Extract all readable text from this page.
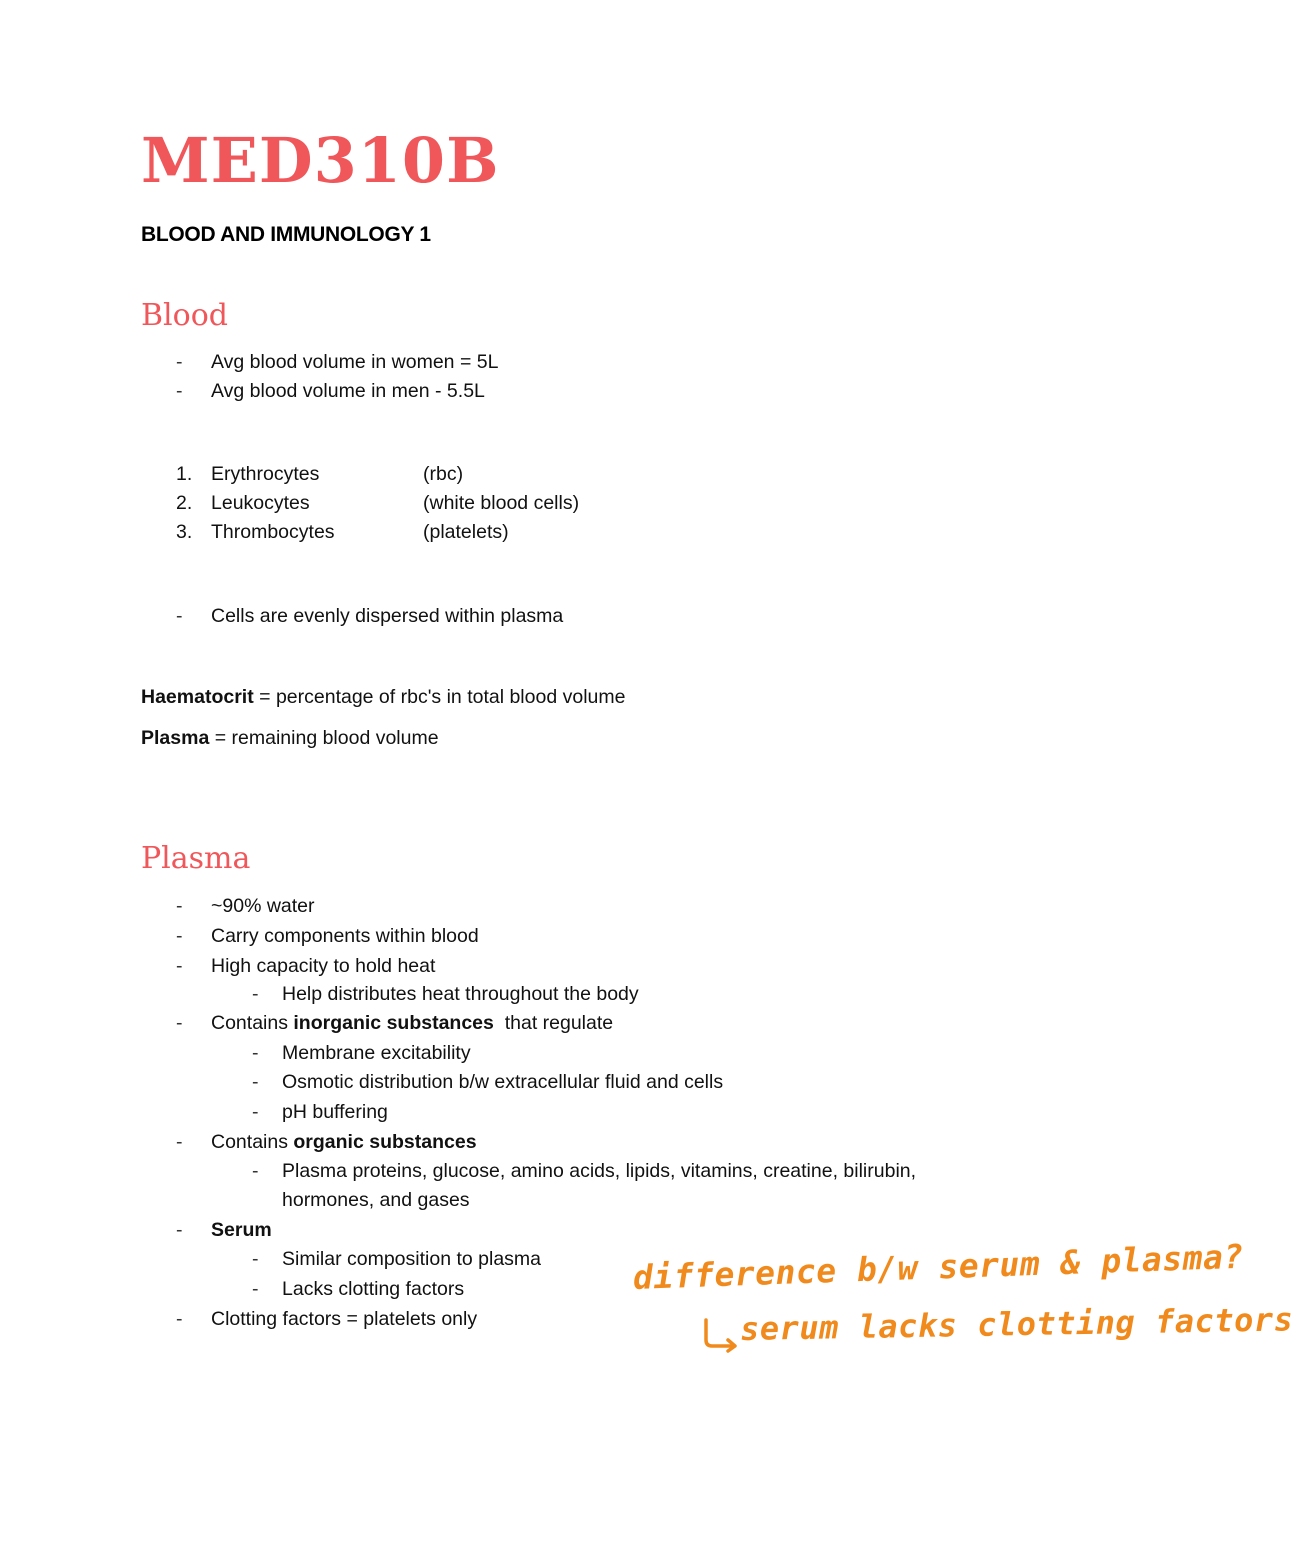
MED310B
BLOOD AND IMMUNOLOGY 1
Blood
- Avg blood volume in women = 5L
- Avg blood volume in men - 5.5L
1. Erythrocytes	(rbc)
2. Leukocytes	(white blood cells)
3. Thrombocytes	(platelets)
- Cells are evenly dispersed within plasma
Haematocrit = percentage of rbc's in total blood volume
Plasma = remaining blood volume
Plasma
- ~90% water
- Carry components within blood
- High capacity to hold heat
- Help distributes heat throughout the body
- Contains inorganic substances  that regulate
- Membrane excitability
- Osmotic distribution b/w extracellular fluid and cells
- pH buffering
- Contains organic substances
- Plasma proteins, glucose, amino acids, lipids, vitamins, creatine, bilirubin,
hormones, and gases
- Serum
- Similar composition to plasma
- Lacks clotting factors
- Clotting factors = platelets only
difference b/w serum & plasma?
serum lacks clotting factors
